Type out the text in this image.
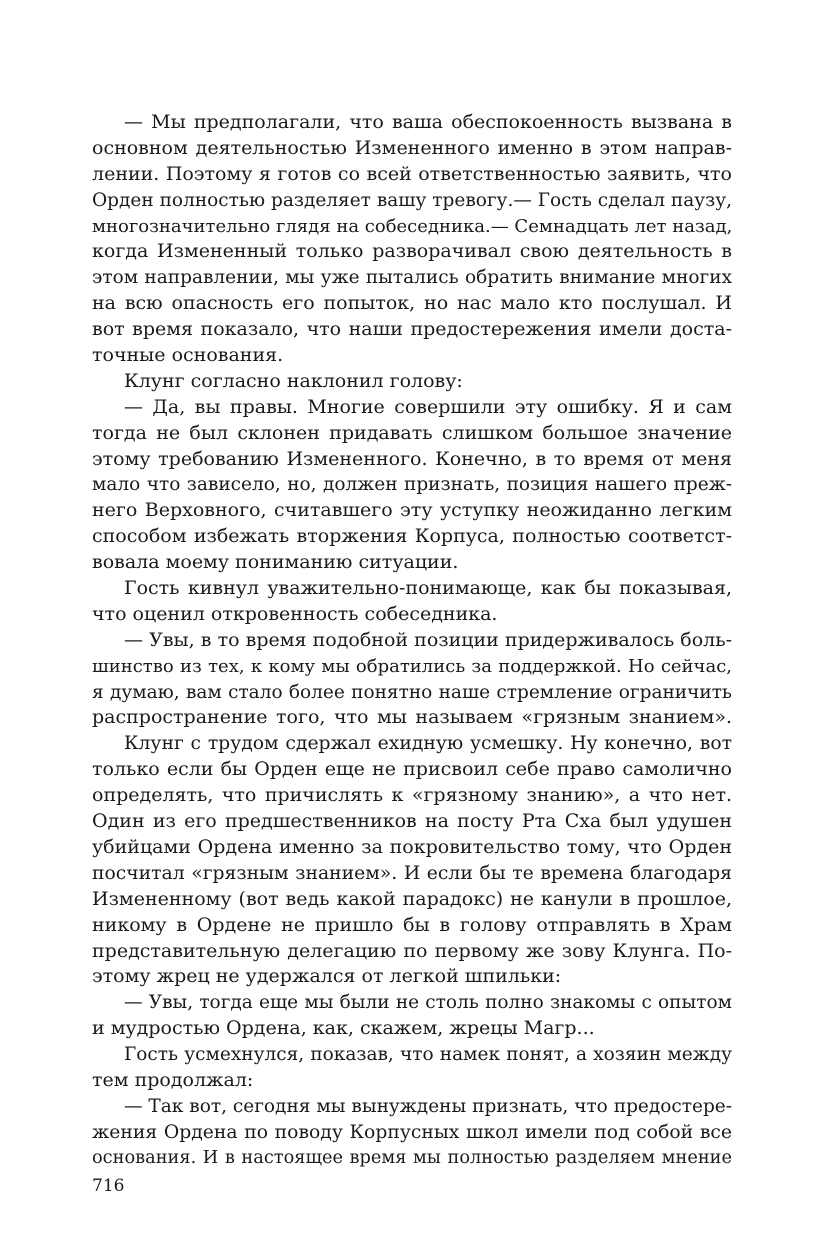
— Мы предполагали, что ваша обеспокоенность вызвана в
основном деятельностью Измененного именно в этом направ-
лении. Поэтому я готов со всей ответственностью заявить, что
Орден полностью разделяет вашу тревогу.— Гость сделал паузу,
многозначительно глядя на собеседника.— Семнадцать лет назад,
когда Измененный только разворачивал свою деятельность в
этом направлении, мы уже пытались обратить внимание многих
на всю опасность его попыток, но нас мало кто послушал. И
вот время показало, что наши предостережения имели доста-
точные основания.
Клунг согласно наклонил голову:
— Да, вы правы. Многие совершили эту ошибку. Я и сам
тогда не был склонен придавать слишком большое значение
этому требованию Измененного. Конечно, в то время от меня
мало что зависело, но, должен признать, позиция нашего преж-
него Верховного, считавшего эту уступку неожиданно легким
способом избежать вторжения Корпуса, полностью соответст-
вовала моему пониманию ситуации.
Гость кивнул уважительно-понимающе, как бы показывая,
что оценил откровенность собеседника.
— Увы, в то время подобной позиции придерживалось боль-
шинство из тех, к кому мы обратились за поддержкой. Но сейчас,
я думаю, вам стало более понятно наше стремление ограничить
распространение того, что мы называем «грязным знанием».
Клунг с трудом сдержал ехидную усмешку. Ну конечно, вот
только если бы Орден еще не присвоил себе право самолично
определять, что причислять к «грязному знанию», а что нет.
Один из его предшественников на посту Рта Сха был удушен
убийцами Ордена именно за покровительство тому, что Орден
посчитал «грязным знанием». И если бы те времена благодаря
Измененному (вот ведь какой парадокс) не канули в прошлое,
никому в Ордене не пришло бы в голову отправлять в Храм
представительную делегацию по первому же зову Клунга. По-
этому жрец не удержался от легкой шпильки:
— Увы, тогда еще мы были не столь полно знакомы с опытом
и мудростью Ордена, как, скажем, жрецы Магр...
Гость усмехнулся, показав, что намек понят, а хозяин между
тем продолжал:
— Так вот, сегодня мы вынуждены признать, что предостере-
жения Ордена по поводу Корпусных школ имели под собой все
основания. И в настоящее время мы полностью разделяем мнение
716
